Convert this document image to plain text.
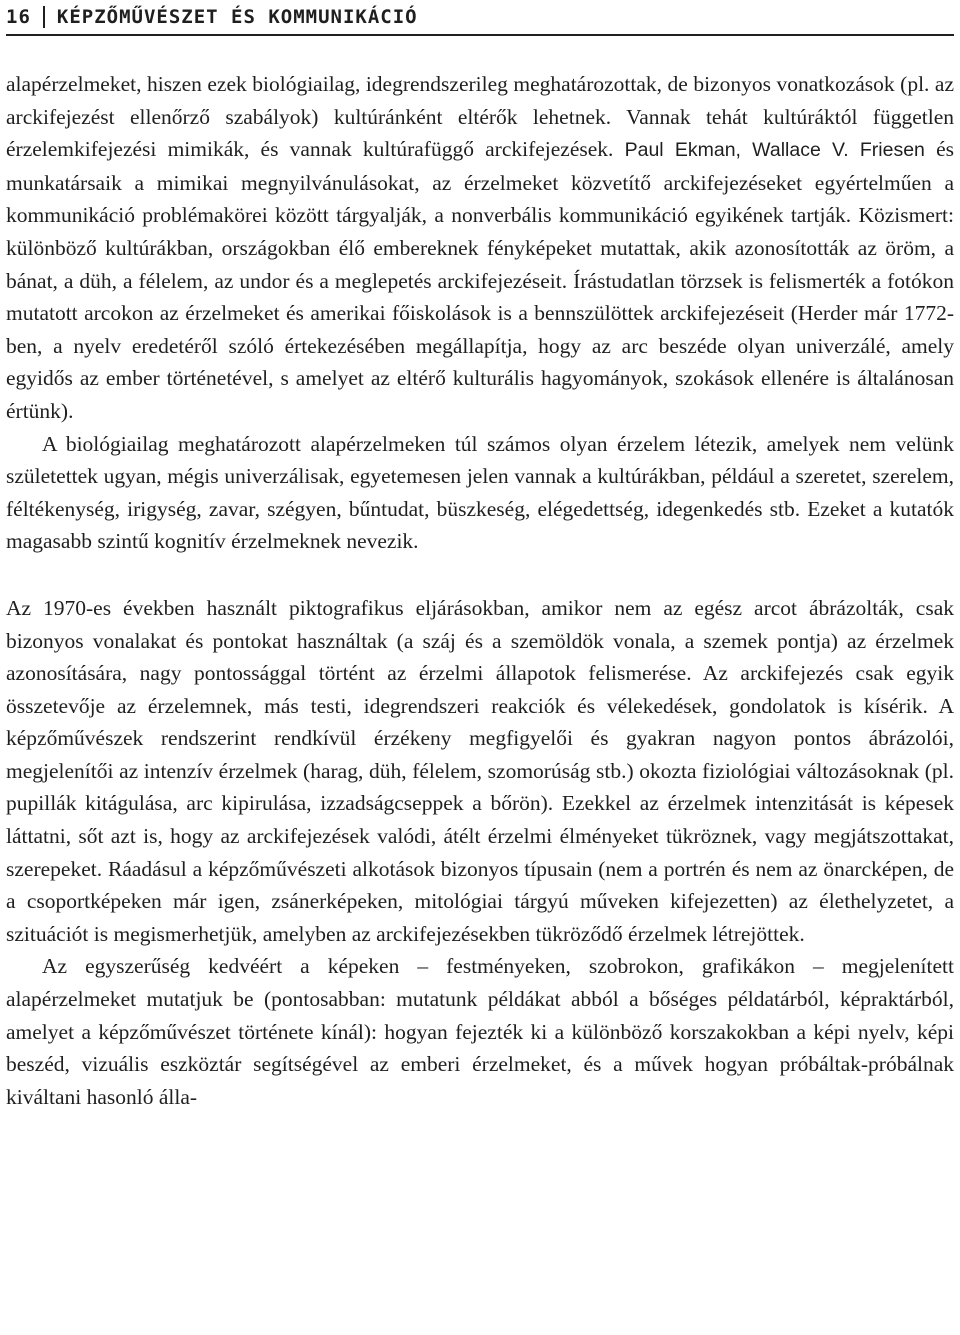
16 KÉPZŐMŰVÉSZET ÉS KOMMUNIKÁCIÓ

alapérzelmeket, hiszen ezek biológiailag, idegrendszerileg meghatározottak, de bizonyos vonatkozások (pl. az arckifejezést ellenőrző szabályok) kultúránként eltérők lehetnek. Vannak tehát kultúráktól független érzelemkifejezési mimikák, és vannak kultúrafüggő arckifejezések. Paul Ekman, Wallace V. Friesen és munkatársaik a mimikai megnyilvánulásokat, az érzelmeket közvetítő arckifejezéseket egyértelműen a kommunikáció problémakörei között tárgyalják, a nonverbális kommunikáció egyikének tartják. Közismert: különböző kultúrákban, országokban élő embereknek fényképeket mutattak, akik azonosították az öröm, a bánat, a düh, a félelem, az undor és a meglepetés arckifejezéseit. Írástudatlan törzsek is felismerték a fotókon mutatott arcokon az érzelmeket és amerikai főiskolások is a bennszülöttek arckifejezéseit (Herder már 1772-ben, a nyelv eredetéről szóló értekezésében megállapítja, hogy az arc beszéde olyan univerzálé, amely egyidős az ember történetével, s amelyet az eltérő kulturális hagyományok, szokások ellenére is általánosan értünk).

A biológiailag meghatározott alapérzelmeken túl számos olyan érzelem létezik, amelyek nem velünk születettek ugyan, mégis univerzálisak, egyetemesen jelen vannak a kultúrákban, például a szeretet, szerelem, féltékenység, irigység, zavar, szégyen, bűntudat, büszkeség, elégedettség, idegenkedés stb. Ezeket a kutatók magasabb szintű kognitív érzelmeknek nevezik.

Az 1970-es években használt piktografikus eljárásokban, amikor nem az egész arcot ábrázolták, csak bizonyos vonalakat és pontokat használtak (a száj és a szemöldök vonala, a szemek pontja) az érzelmek azonosítására, nagy pontossággal történt az érzelmi állapotok felismerése. Az arckifejezés csak egyik összetevője az érzelemnek, más testi, idegrendszeri reakciók és vélekedések, gondolatok is kísérik. A képzőművészek rendszerint rendkívül érzékeny megfigyelői és gyakran nagyon pontos ábrázolói, megjelenítői az intenzív érzelmek (harag, düh, félelem, szomorúság stb.) okozta fiziológiai változásoknak (pl. pupillák kitágulása, arc kipirulása, izzadságcseppek a bőrön). Ezekkel az érzelmek intenzitását is képesek láttatni, sőt azt is, hogy az arckifejezések valódi, átélt érzelmi élményeket tükröznek, vagy megjátszottakat, szerepeket. Ráadásul a képzőművészeti alkotások bizonyos típusain (nem a portrén és nem az önarcképen, de a csoportképeken már igen, zsánerképeken, mitológiai tárgyú műveken kifejezetten) az élethelyzetet, a szituációt is megismerhetjük, amelyben az arckifejezésekben tükröződő érzelmek létrejöttek.

Az egyszerűség kedvéért a képeken – festményeken, szobrokon, grafikákon – megjelenített alapérzelmeket mutatjuk be (pontosabban: mutatunk példákat abból a bőséges példatárból, képraktárból, amelyet a képzőművészet története kínál): hogyan fejezték ki a különböző korszakokban a képi nyelv, képi beszéd, vizuális eszköztár segítségével az emberi érzelmeket, és a művek hogyan próbáltak-próbálnak kiváltani hasonló álla-
